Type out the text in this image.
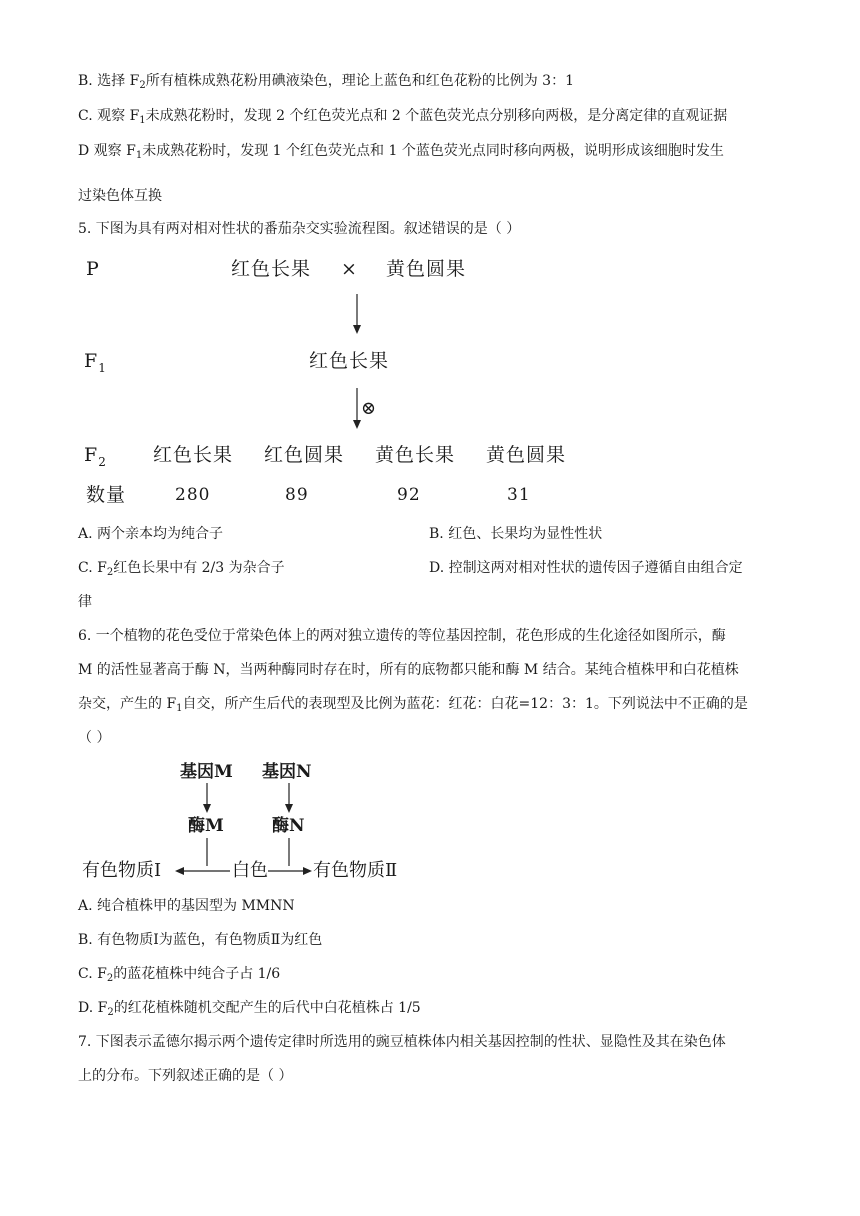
B. 选择 $F_2$所有植株成熟花粉用碘液染色，理论上蓝色和红色花粉的比例为 3：1
C. 观察 $F_1$未成熟花粉时，发现 2 个红色荧光点和 2 个蓝色荧光点分别移向两极，是分离定律的直观证据
D 观察 $F_1$未成熟花粉时，发现 1 个红色荧光点和 1 个蓝色荧光点同时移向两极，说明形成该细胞时发生
过染色体互换
5. 下图为具有两对相对性状的番茄杂交实验流程图。叙述错误的是（ ）
P	红色长果 × 黄色圆果
$F_1$	红色长果
⊗
$F_2$ 红色长果 红色圆果 黄色长果 黄色圆果
数量	280	89	92	31
A. 两个亲本均为纯合子	B. 红色、长果均为显性性状
C. $F_2$红色长果中有 2/3 为杂合子	D. 控制这两对相对性状的遗传因子遵循自由组合定
律
6. 一个植物的花色受位于常染色体上的两对独立遗传的等位基因控制，花色形成的生化途径如图所示，酶
M 的活性显著高于酶 N，当两种酶同时存在时，所有的底物都只能和酶 M 结合。某纯合植株甲和白花植株
杂交，产生的 $F_1$自交，所产生后代的表现型及比例为蓝花：红花：白花=12：3：1。下列说法中不正确的是
（ ）
基因M 基因N
酶M	酶N
有色物质Ⅰ	白色	有色物质Ⅱ
A. 纯合植株甲的基因型为 MMNN
B. 有色物质Ⅰ为蓝色，有色物质Ⅱ为红色
C. $F_2$的蓝花植株中纯合子占 1/6
D. $F_2$的红花植株随机交配产生的后代中白花植株占 1/5
7. 下图表示孟德尔揭示两个遗传定律时所选用的豌豆植株体内相关基因控制的性状、显隐性及其在染色体
上的分布。下列叙述正确的是（ ）
